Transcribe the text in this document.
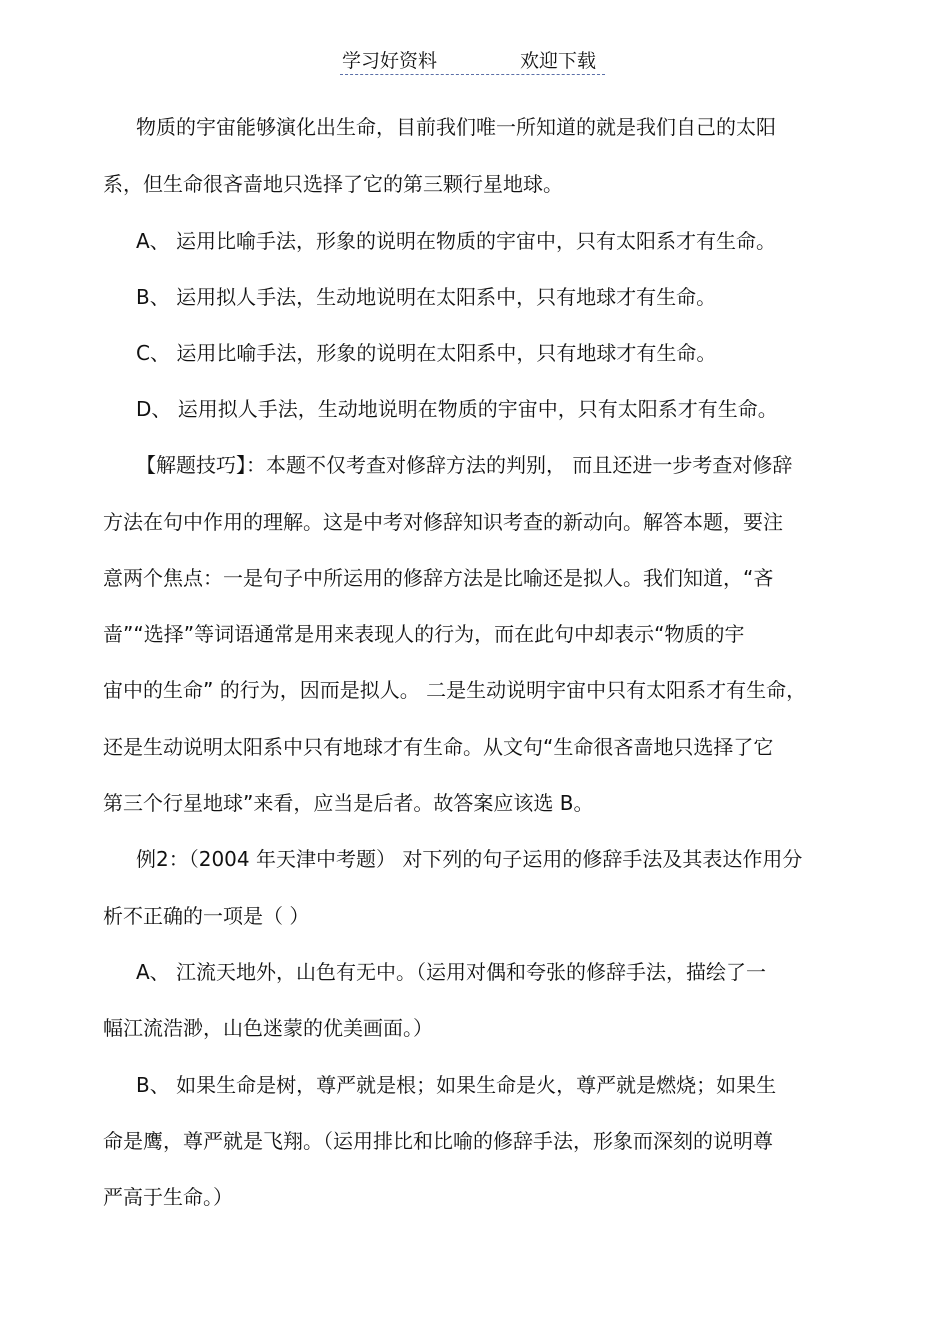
学习好资料	欢迎下载
物质的宇宙能够演化出生命，目前我们唯一所知道的就是我们自己的太阳
系，但生命很吝啬地只选择了它的第三颗行星地球。
A、 运用比喻手法，形象的说明在物质的宇宙中，只有太阳系才有生命。
B、 运用拟人手法，生动地说明在太阳系中，只有地球才有生命。
C、 运用比喻手法，形象的说明在太阳系中，只有地球才有生命。
D、 运用拟人手法，生动地说明在物质的宇宙中，只有太阳系才有生命。
【解题技巧】：本题不仅考查对修辞方法的判别， 而且还进一步考查对修辞
方法在句中作用的理解。这是中考对修辞知识考查的新动向。解答本题，要注
意两个焦点：一是句子中所运用的修辞方法是比喻还是拟人。我们知道，“吝
啬”“选择”等词语通常是用来表现人的行为，而在此句中却表示“物质的宇
宙中的生命” 的行为，因而是拟人。 二是生动说明宇宙中只有太阳系才有生命，
还是生动说明太阳系中只有地球才有生命。从文句“生命很吝啬地只选择了它
第三个行星地球”来看，应当是后者。故答案应该选 B。
例2：（2004 年天津中考题） 对下列的句子运用的修辞手法及其表达作用分
析不正确的一项是（ ）
A、 江流天地外，山色有无中。（运用对偶和夸张的修辞手法，描绘了一
幅江流浩渺，山色迷蒙的优美画面。）
B、 如果生命是树，尊严就是根；如果生命是火，尊严就是燃烧；如果生
命是鹰，尊严就是飞翔。（运用排比和比喻的修辞手法，形象而深刻的说明尊
严高于生命。）
